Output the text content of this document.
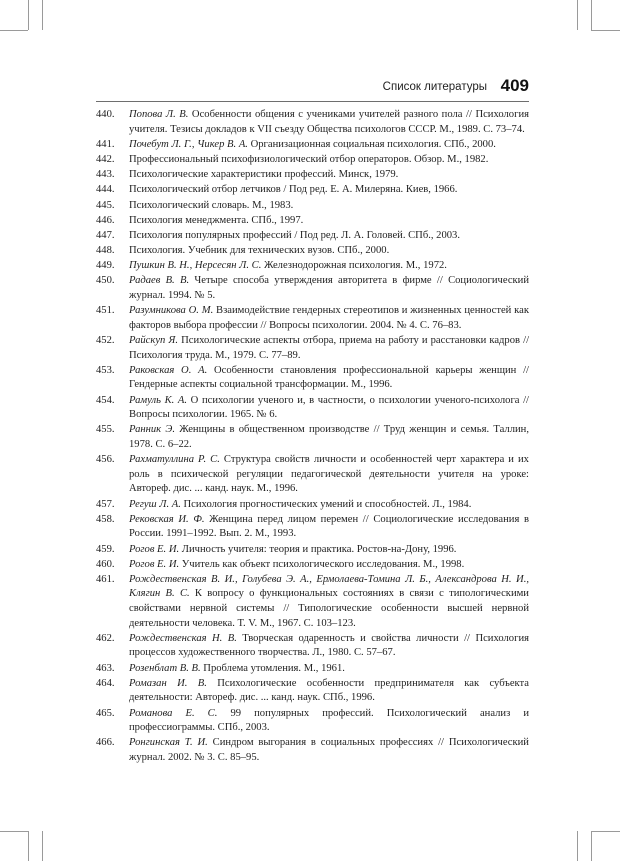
Список литературы 409
440.	Попова Л. В. Особенности общения с учениками учителей разного пола // Психология учителя. Тезисы докладов к VII съезду Общества психологов СССР. М., 1989. С. 73–74.
441.	Почебут Л. Г., Чикер В. А. Организационная социальная психология. СПб., 2000.
442.	Профессиональный психофизиологический отбор операторов. Обзор. М., 1982.
443.	Психологические характеристики профессий. Минск, 1979.
444.	Психологический отбор летчиков / Под ред. Е. А. Милеряна. Киев, 1966.
445.	Психологический словарь. М., 1983.
446.	Психология менеджмента. СПб., 1997.
447.	Психология популярных профессий / Под ред. Л. А. Головей. СПб., 2003.
448.	Психология. Учебник для технических вузов. СПб., 2000.
449.	Пушкин В. Н., Нерсесян Л. С. Железнодорожная психология. М., 1972.
450.	Радаев В. В. Четыре способа утверждения авторитета в фирме // Социологический журнал. 1994. № 5.
451.	Разумникова О. М. Взаимодействие гендерных стереотипов и жизненных ценностей как факторов выбора профессии // Вопросы психологии. 2004. № 4. С. 76–83.
452.	Райскуп Я. Психологические аспекты отбора, приема на работу и расстановки кадров // Психология труда. М., 1979. С. 77–89.
453.	Раковская О. А. Особенности становления профессиональной карьеры женщин // Гендерные аспекты социальной трансформации. М., 1996.
454.	Рамуль К. А. О психологии ученого и, в частности, о психологии ученого-психолога // Вопросы психологии. 1965. № 6.
455.	Ранник Э. Женщины в общественном производстве // Труд женщин и семья. Таллин, 1978. С. 6–22.
456.	Рахматуллина Р. С. Структура свойств личности и особенностей черт характера и их роль в психической регуляции педагогической деятельности учителя на уроке: Автореф. дис. ... канд. наук. М., 1996.
457.	Регуш Л. А. Психология прогностических умений и способностей. Л., 1984.
458.	Рековская И. Ф. Женщина перед лицом перемен // Социологические исследования в России. 1991–1992. Вып. 2. М., 1993.
459.	Рогов Е. И. Личность учителя: теория и практика. Ростов-на-Дону, 1996.
460.	Рогов Е. И. Учитель как объект психологического исследования. М., 1998.
461.	Рождественская В. И., Голубева Э. А., Ермолаева-Томина Л. Б., Александрова Н. И., Клягин В. С. К вопросу о функциональных состояниях в связи с типологическими свойствами нервной системы // Типологические особенности высшей нервной деятельности человека. Т. V. М., 1967. С. 103–123.
462.	Рождественская Н. В. Творческая одаренность и свойства личности // Психология процессов художественного творчества. Л., 1980. С. 57–67.
463.	Розенблат В. В. Проблема утомления. М., 1961.
464.	Ромазан И. В. Психологические особенности предпринимателя как субъекта деятельности: Автореф. дис. ... канд. наук. СПб., 1996.
465.	Романова Е. С. 99 популярных профессий. Психологический анализ и профессиограммы. СПб., 2003.
466.	Ронгинская Т. И. Синдром выгорания в социальных профессиях // Психологический журнал. 2002. № 3. С. 85–95.
